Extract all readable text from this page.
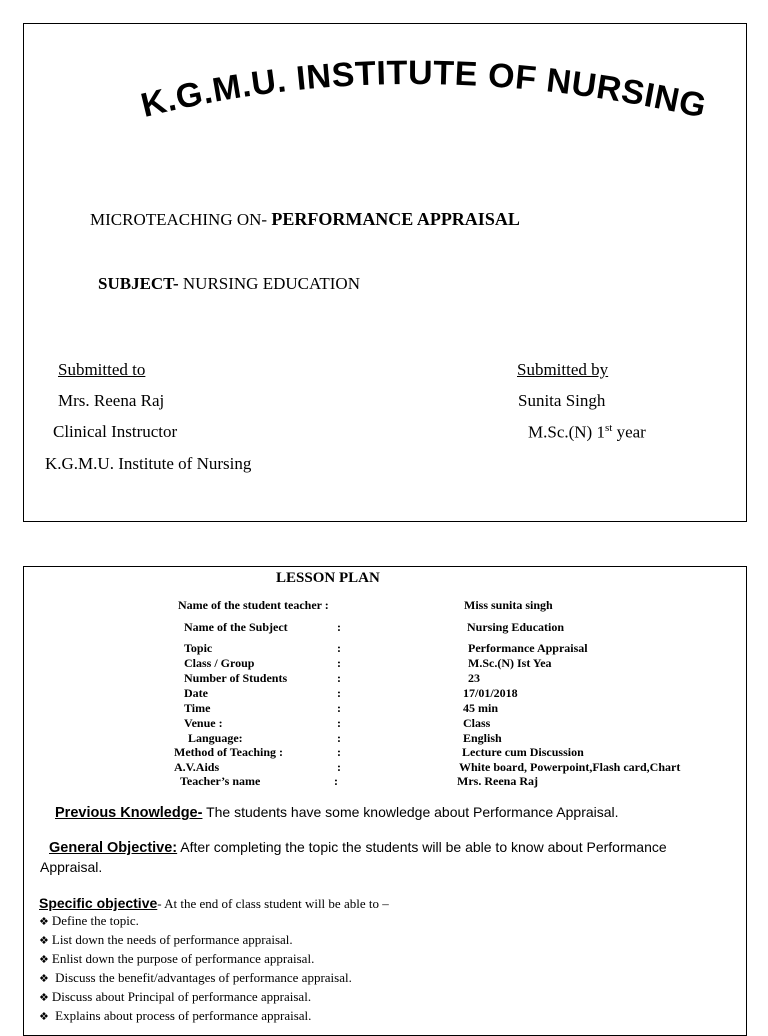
K.G.M.U. INSTITUTE OF NURSING
MICROTEACHING ON- PERFORMANCE APPRAISAL
SUBJECT- NURSING EDUCATION
Submitted to
Mrs. Reena Raj
Clinical Instructor
K.G.M.U. Institute of Nursing
Submitted by
Sunita Singh
M.Sc.(N) 1st year
LESSON PLAN
Name of the student teacher :	Miss sunita singh
Name of the Subject	:	Nursing Education
Topic	:	Performance Appraisal
Class / Group	:	M.Sc.(N) Ist Yea
Number of Students	:	23
Date	:	17/01/2018
Time	:	45 min
Venue :	:	Class
Language:	:	English
Method of Teaching :	:	Lecture cum Discussion
A.V.Aids	:	White board, Powerpoint,Flash card,Chart
Teacher’s name	:	Mrs. Reena Raj
Previous Knowledge- The students have some knowledge about Performance Appraisal.
General Objective: After completing the topic the students will be able to know about Performance Appraisal.
Specific objective- At the end of class student will be able to –
❖ Define the topic.
❖ List down the needs of performance appraisal.
❖ Enlist down the purpose of performance appraisal.
❖ Discuss the benefit/advantages of performance appraisal.
❖ Discuss about Principal of performance appraisal.
❖ Explains about process of performance appraisal.
